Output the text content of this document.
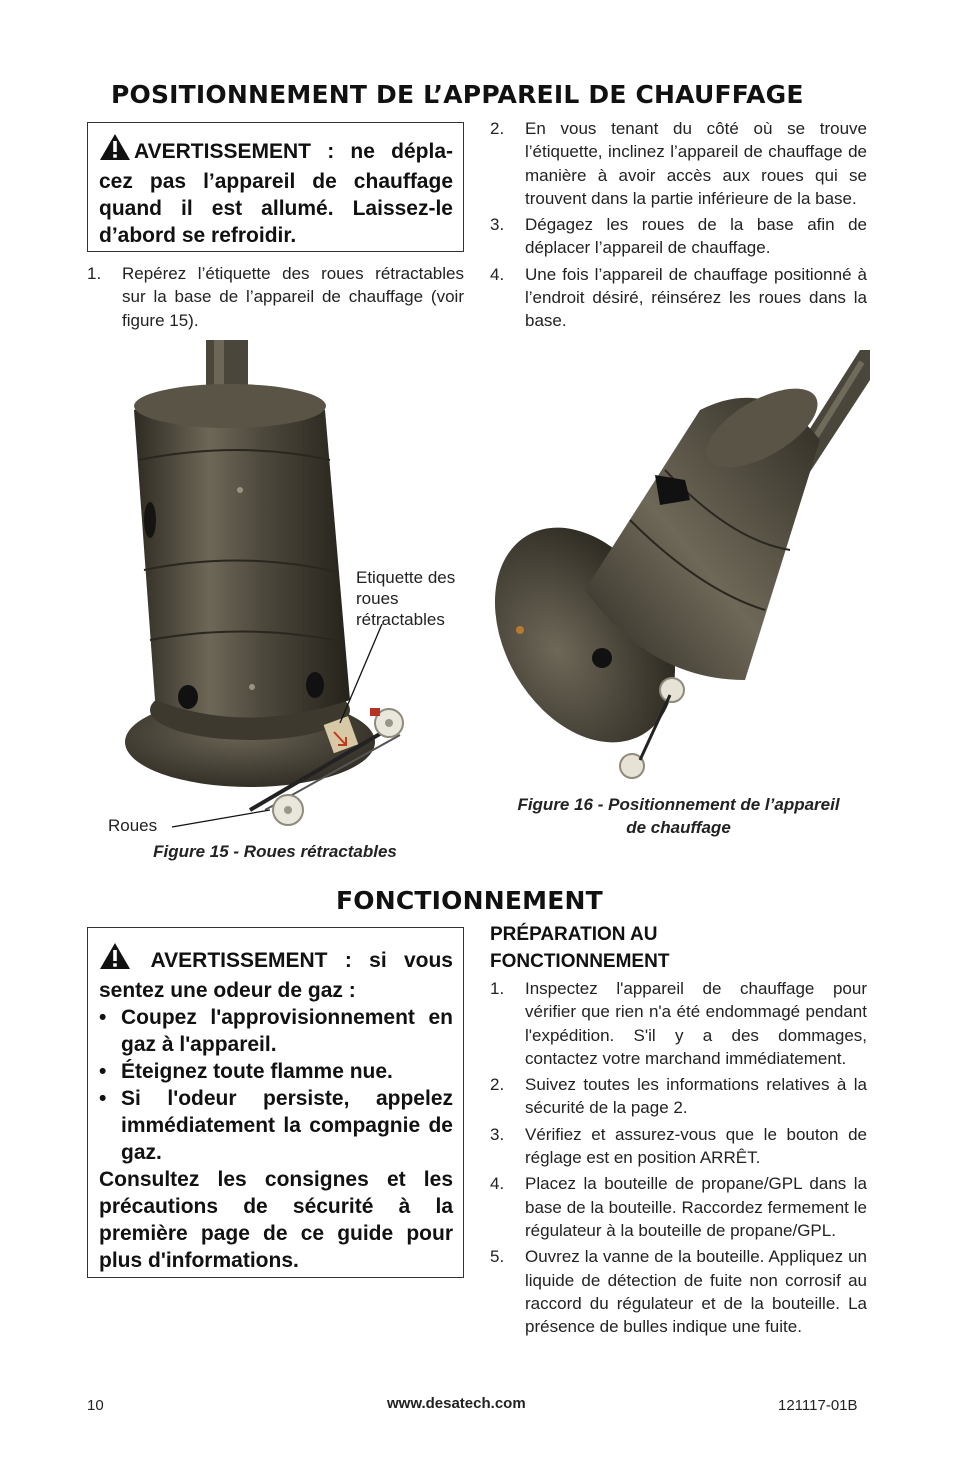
POSITIONNEMENT DE L’APPAREIL DE CHAUFFAGE

AVERTISSEMENT : ne dépla- cez pas l’appareil de chauffage quand il est allumé. Laissez-le d’abord se refroidir.

1. Repérez l’étiquette des roues rétractables sur la base de l’appareil de chauffage (voir figure 15).
2. En vous tenant du côté où se trouve l’étiquette, inclinez l’appareil de chauffage de manière à avoir accès aux roues qui se trouvent dans la partie inférieure de la base.
3. Dégagez les roues de la base afin de déplacer l’appareil de chauffage.
4. Une fois l’appareil de chauffage positionné à l’endroit désiré, réinsérez les roues dans la base.
Etiquette des roues rétractables
Roues
Figure 15 - Roues rétractables
Figure 16 - Positionnement de l’appareil
de chauffage
FONCTIONNEMENT

AVERTISSEMENT : si vous sentez une odeur de gaz :

• Coupez l'approvisionnement en gaz à l'appareil.
• Éteignez toute flamme nue.
• Si l'odeur persiste, appelez immédiatement la compagnie de gaz.

Consultez les consignes et les précautions de sécurité à la première page de ce guide pour plus d'informations.

PRÉPARATION AU FONCTIONNEMENT
1. Inspectez l'appareil de chauffage pour vérifier que rien n'a été endommagé pendant l'expédition. S'il y a des dommages, contactez votre marchand immédiatement.
2. Suivez toutes les informations relatives à la sécurité de la page 2.
3. Vérifiez et assurez-vous que le bouton de réglage est en position ARRÊT.
4. Placez la bouteille de propane/GPL dans la base de la bouteille. Raccordez fermement le régulateur à la bouteille de propane/GPL.
5. Ouvrez la vanne de la bouteille. Appliquez un liquide de détection de fuite non corrosif au raccord du régulateur et de la bouteille. La présence de bulles indique une fuite.
10	www.desatech.com	121117-01B
